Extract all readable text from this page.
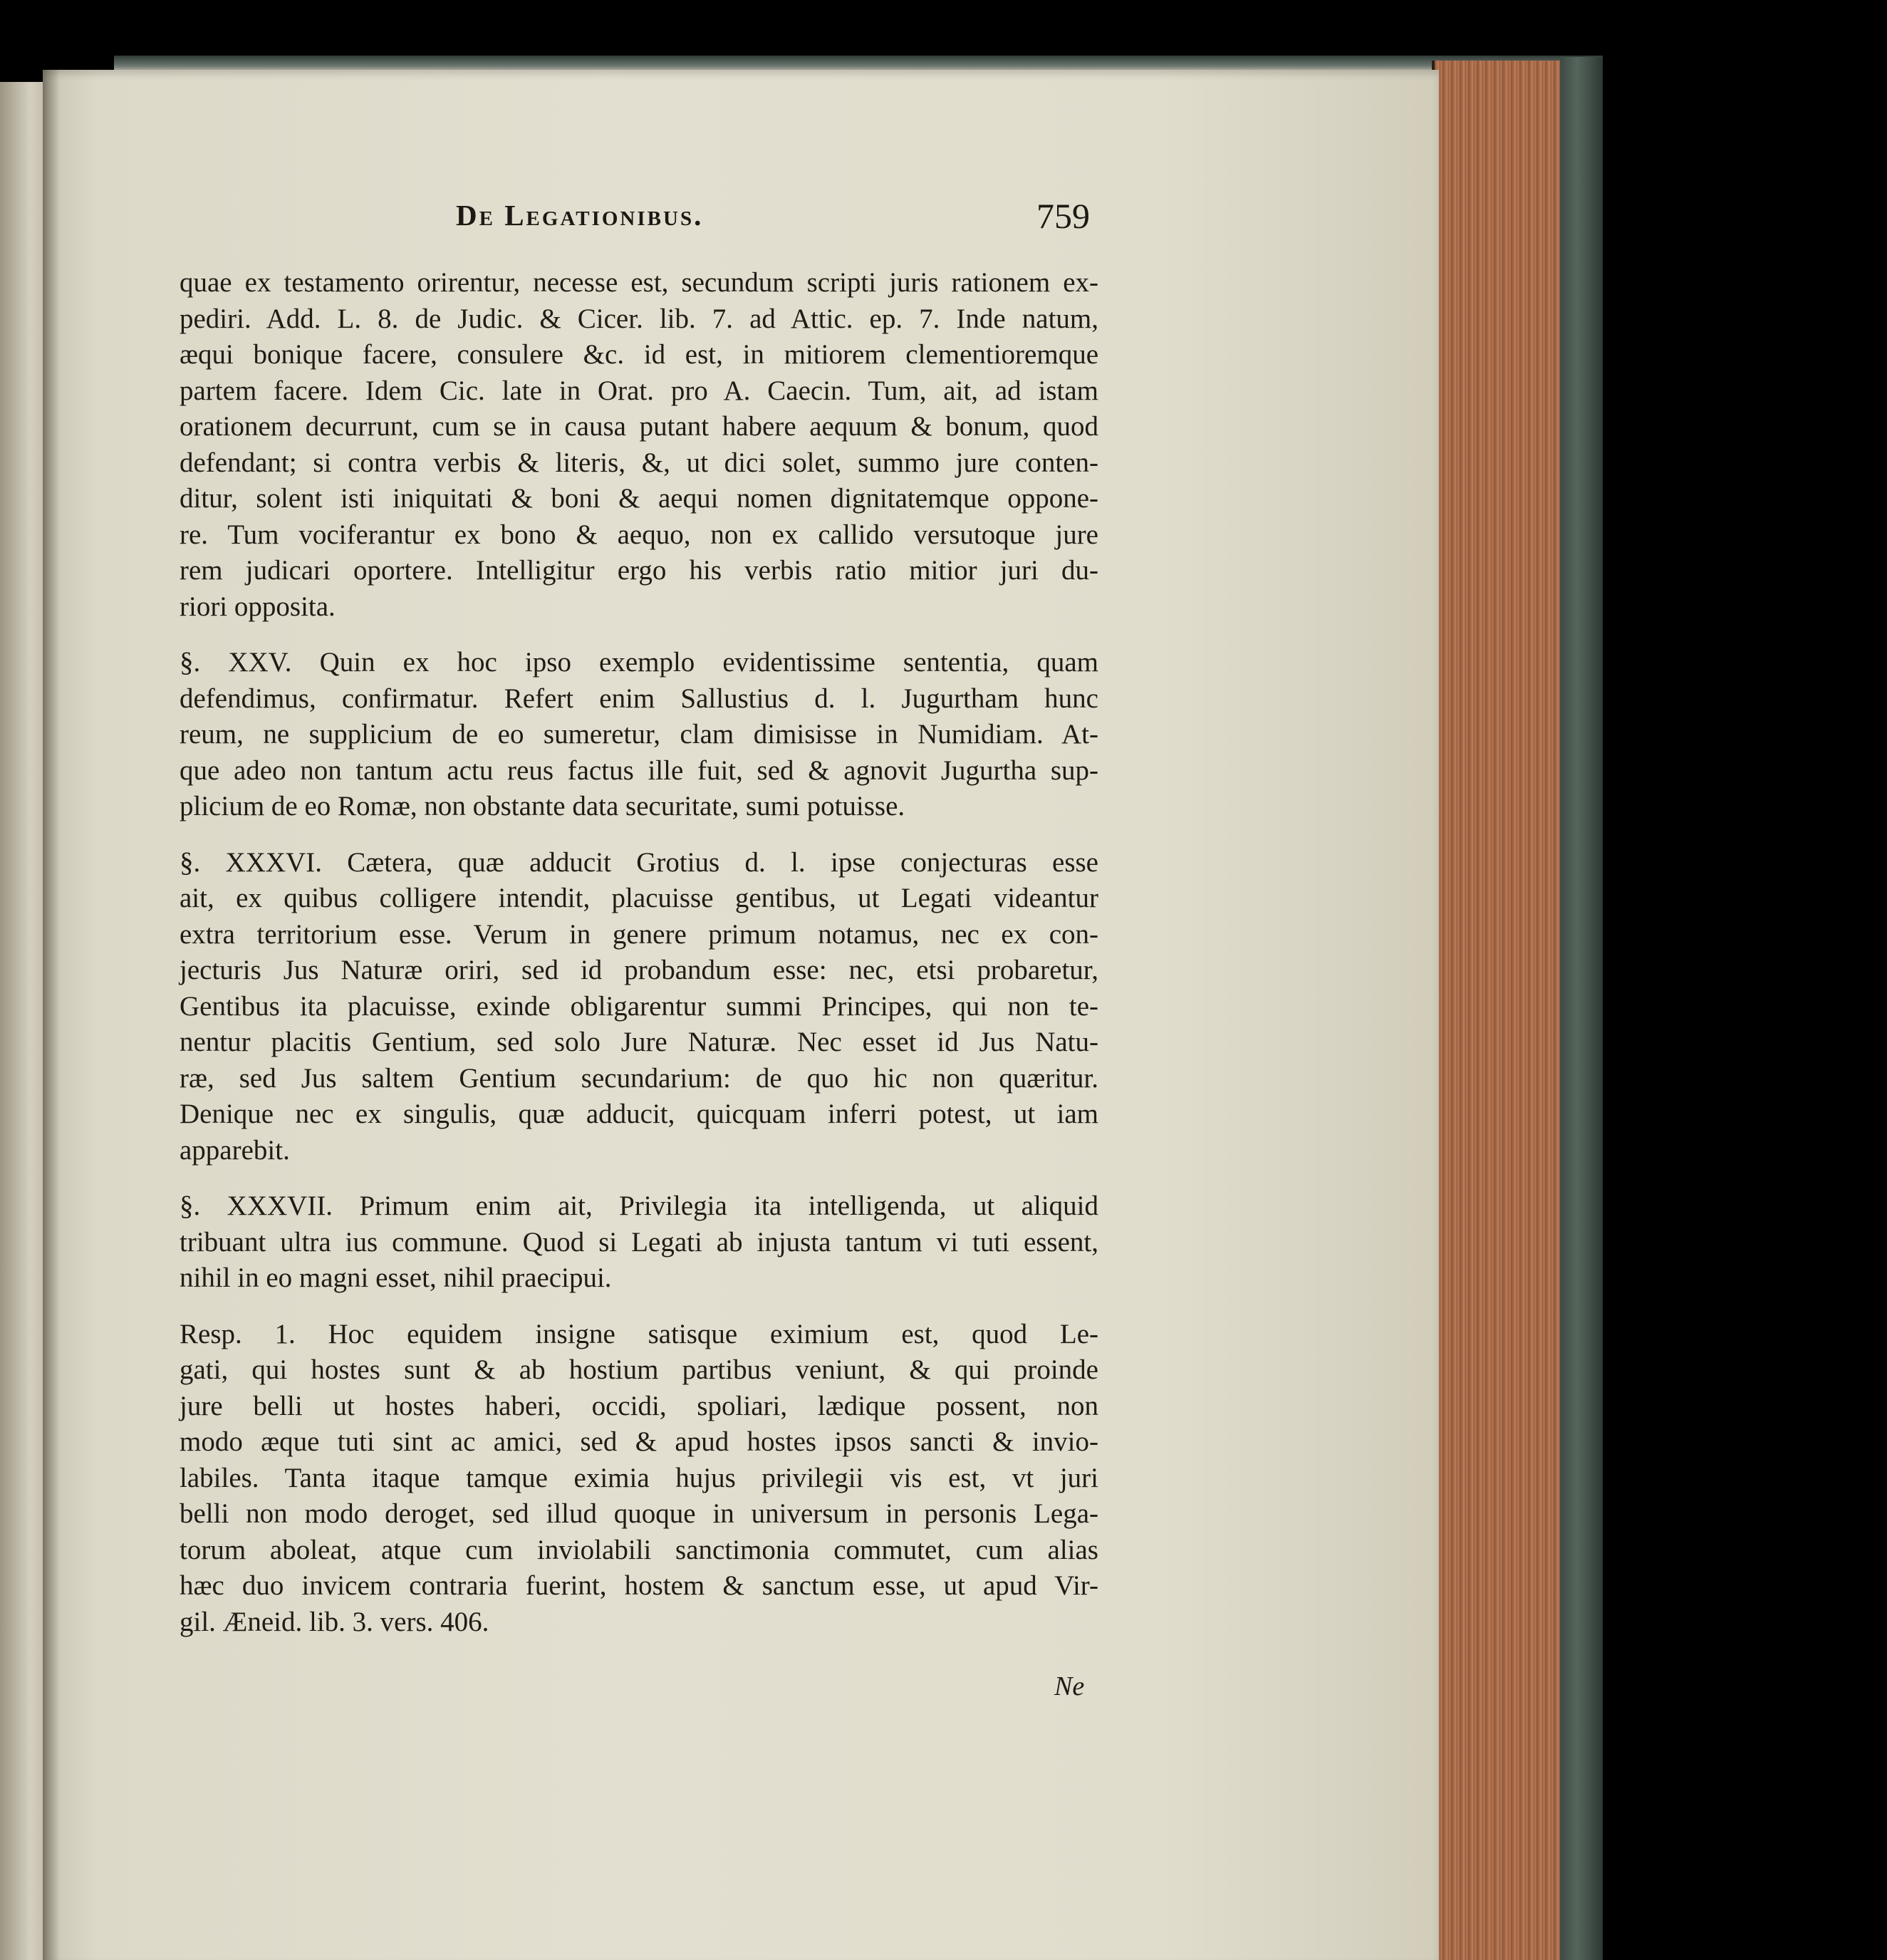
De Legationibus.	759
quae ex testamento orirentur, necesse est, secundum scripti juris rationem ex-
pediri. Add. L. 8. de Judic. & Cicer. lib. 7. ad Attic. ep. 7. Inde natum,
æqui bonique facere, consulere &c. id est, in mitiorem clementioremque
partem facere. Idem Cic. late in Orat. pro A. Caecin. Tum, ait, ad istam
orationem decurrunt, cum se in causa putant habere aequum & bonum, quod
defendant; si contra verbis & literis, &, ut dici solet, summo jure conten-
ditur, solent isti iniquitati & boni & aequi nomen dignitatemque oppone-
re. Tum vociferantur ex bono & aequo, non ex callido versutoque jure
rem judicari oportere. Intelligitur ergo his verbis ratio mitior juri du-
riori opposita.
§. XXV. Quin ex hoc ipso exemplo evidentissime sententia, quam
defendimus, confirmatur. Refert enim Sallustius d. l. Jugurtham hunc
reum, ne supplicium de eo sumeretur, clam dimisisse in Numidiam. At-
que adeo non tantum actu reus factus ille fuit, sed & agnovit Jugurtha sup-
plicium de eo Romæ, non obstante data securitate, sumi potuisse.
§. XXXVI. Cætera, quæ adducit Grotius d. l. ipse conjecturas esse
ait, ex quibus colligere intendit, placuisse gentibus, ut Legati videantur
extra territorium esse. Verum in genere primum notamus, nec ex con-
jecturis Jus Naturæ oriri, sed id probandum esse: nec, etsi probaretur,
Gentibus ita placuisse, exinde obligarentur summi Principes, qui non te-
nentur placitis Gentium, sed solo Jure Naturæ. Nec esset id Jus Natu-
ræ, sed Jus saltem Gentium secundarium: de quo hic non quæritur.
Denique nec ex singulis, quæ adducit, quicquam inferri potest, ut iam
apparebit.
§. XXXVII. Primum enim ait, Privilegia ita intelligenda, ut aliquid
tribuant ultra ius commune. Quod si Legati ab injusta tantum vi tuti essent,
nihil in eo magni esset, nihil praecipui.
Resp. 1. Hoc equidem insigne satisque eximium est, quod Le-
gati, qui hostes sunt & ab hostium partibus veniunt, & qui proinde
jure belli ut hostes haberi, occidi, spoliari, lædique possent, non
modo æque tuti sint ac amici, sed & apud hostes ipsos sancti & invio-
labiles. Tanta itaque tamque eximia hujus privilegii vis est, vt juri
belli non modo deroget, sed illud quoque in universum in personis Lega-
torum aboleat, atque cum inviolabili sanctimonia commutet, cum alias
hæc duo invicem contraria fuerint, hostem & sanctum esse, ut apud Vir-
gil. Æneid. lib. 3. vers. 406.
Ne
